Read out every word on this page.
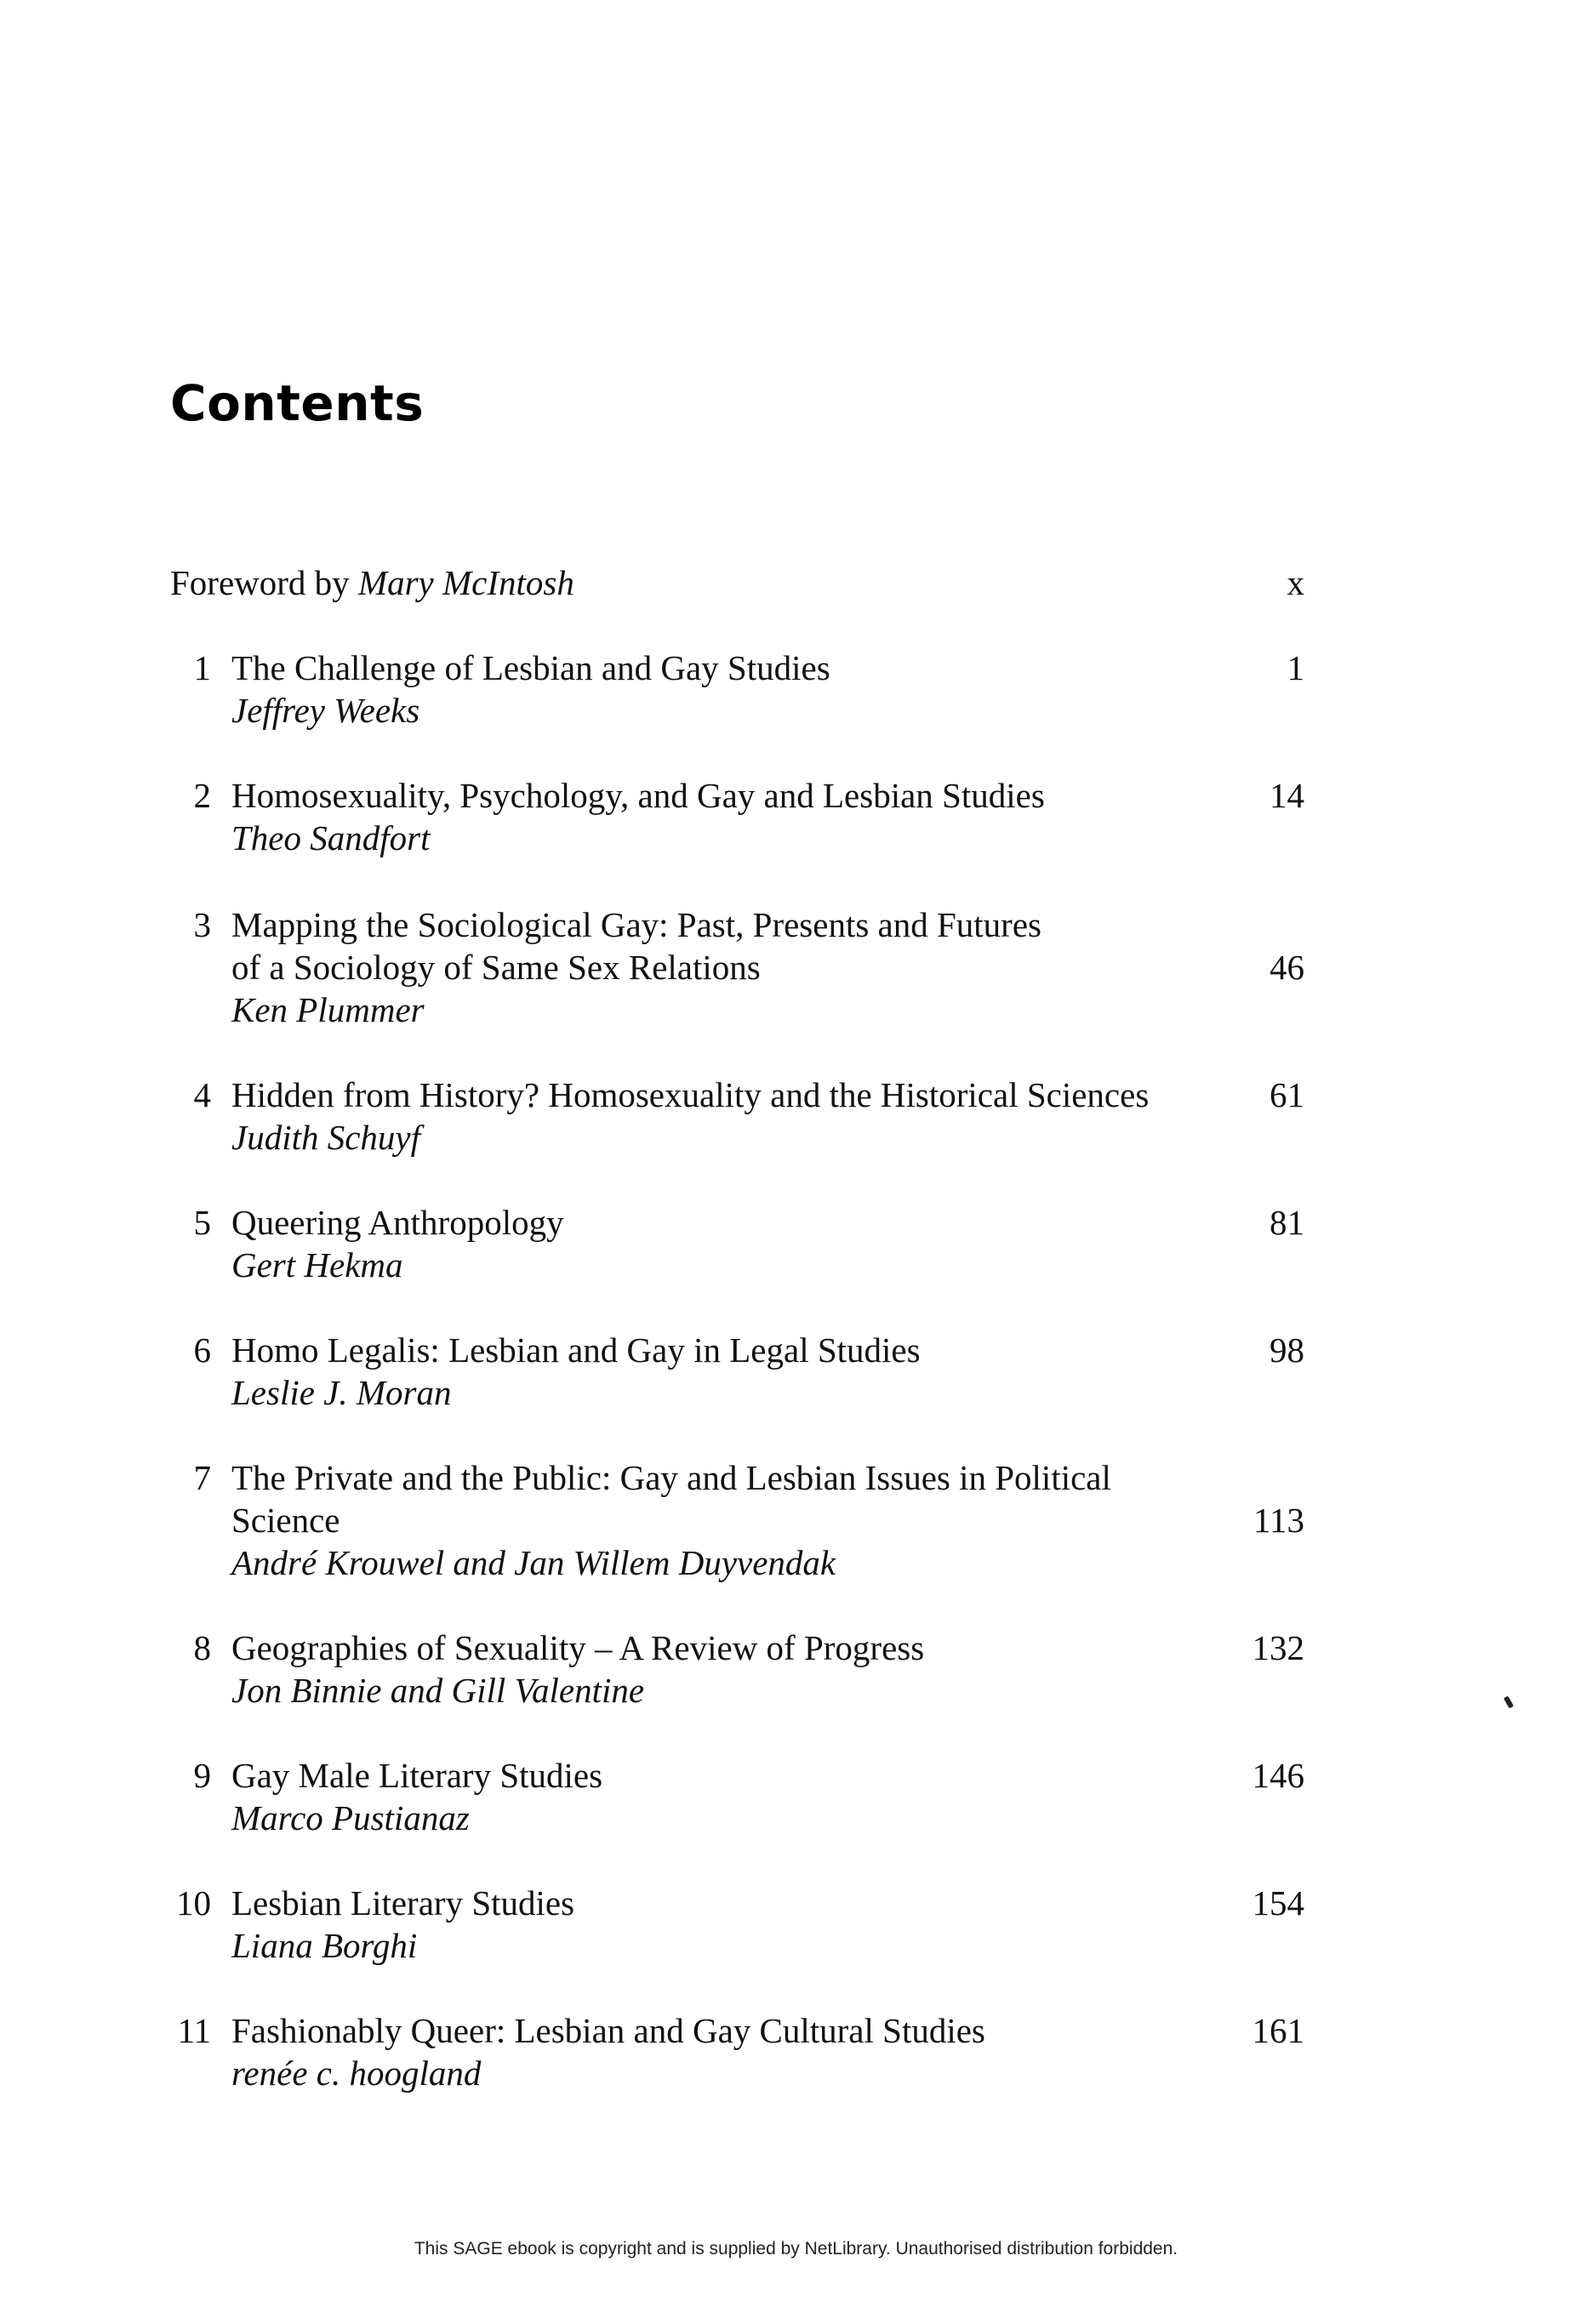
Contents
Foreword by Mary McIntosh	x
1 The Challenge of Lesbian and Gay Studies
Jeffrey Weeks
1
2 Homosexuality, Psychology, and Gay and Lesbian Studies
Theo Sandfort
14
3 Mapping the Sociological Gay: Past, Presents and Futures
of a Sociology of Same Sex Relations
Ken Plummer
46
4 Hidden from History? Homosexuality and the Historical Sciences
Judith Schuyf
61
5 Queering Anthropology
Gert Hekma
81
6 Homo Legalis: Lesbian and Gay in Legal Studies
Leslie J. Moran
98
7 The Private and the Public: Gay and Lesbian Issues in Political
Science
André Krouwel and Jan Willem Duyvendak
113
8 Geographies of Sexuality – A Review of Progress
Jon Binnie and Gill Valentine
132
9 Gay Male Literary Studies
Marco Pustianaz
146
10 Lesbian Literary Studies
Liana Borghi
154
11 Fashionably Queer: Lesbian and Gay Cultural Studies
renée c. hoogland
161
This SAGE ebook is copyright and is supplied by NetLibrary. Unauthorised distribution forbidden.
